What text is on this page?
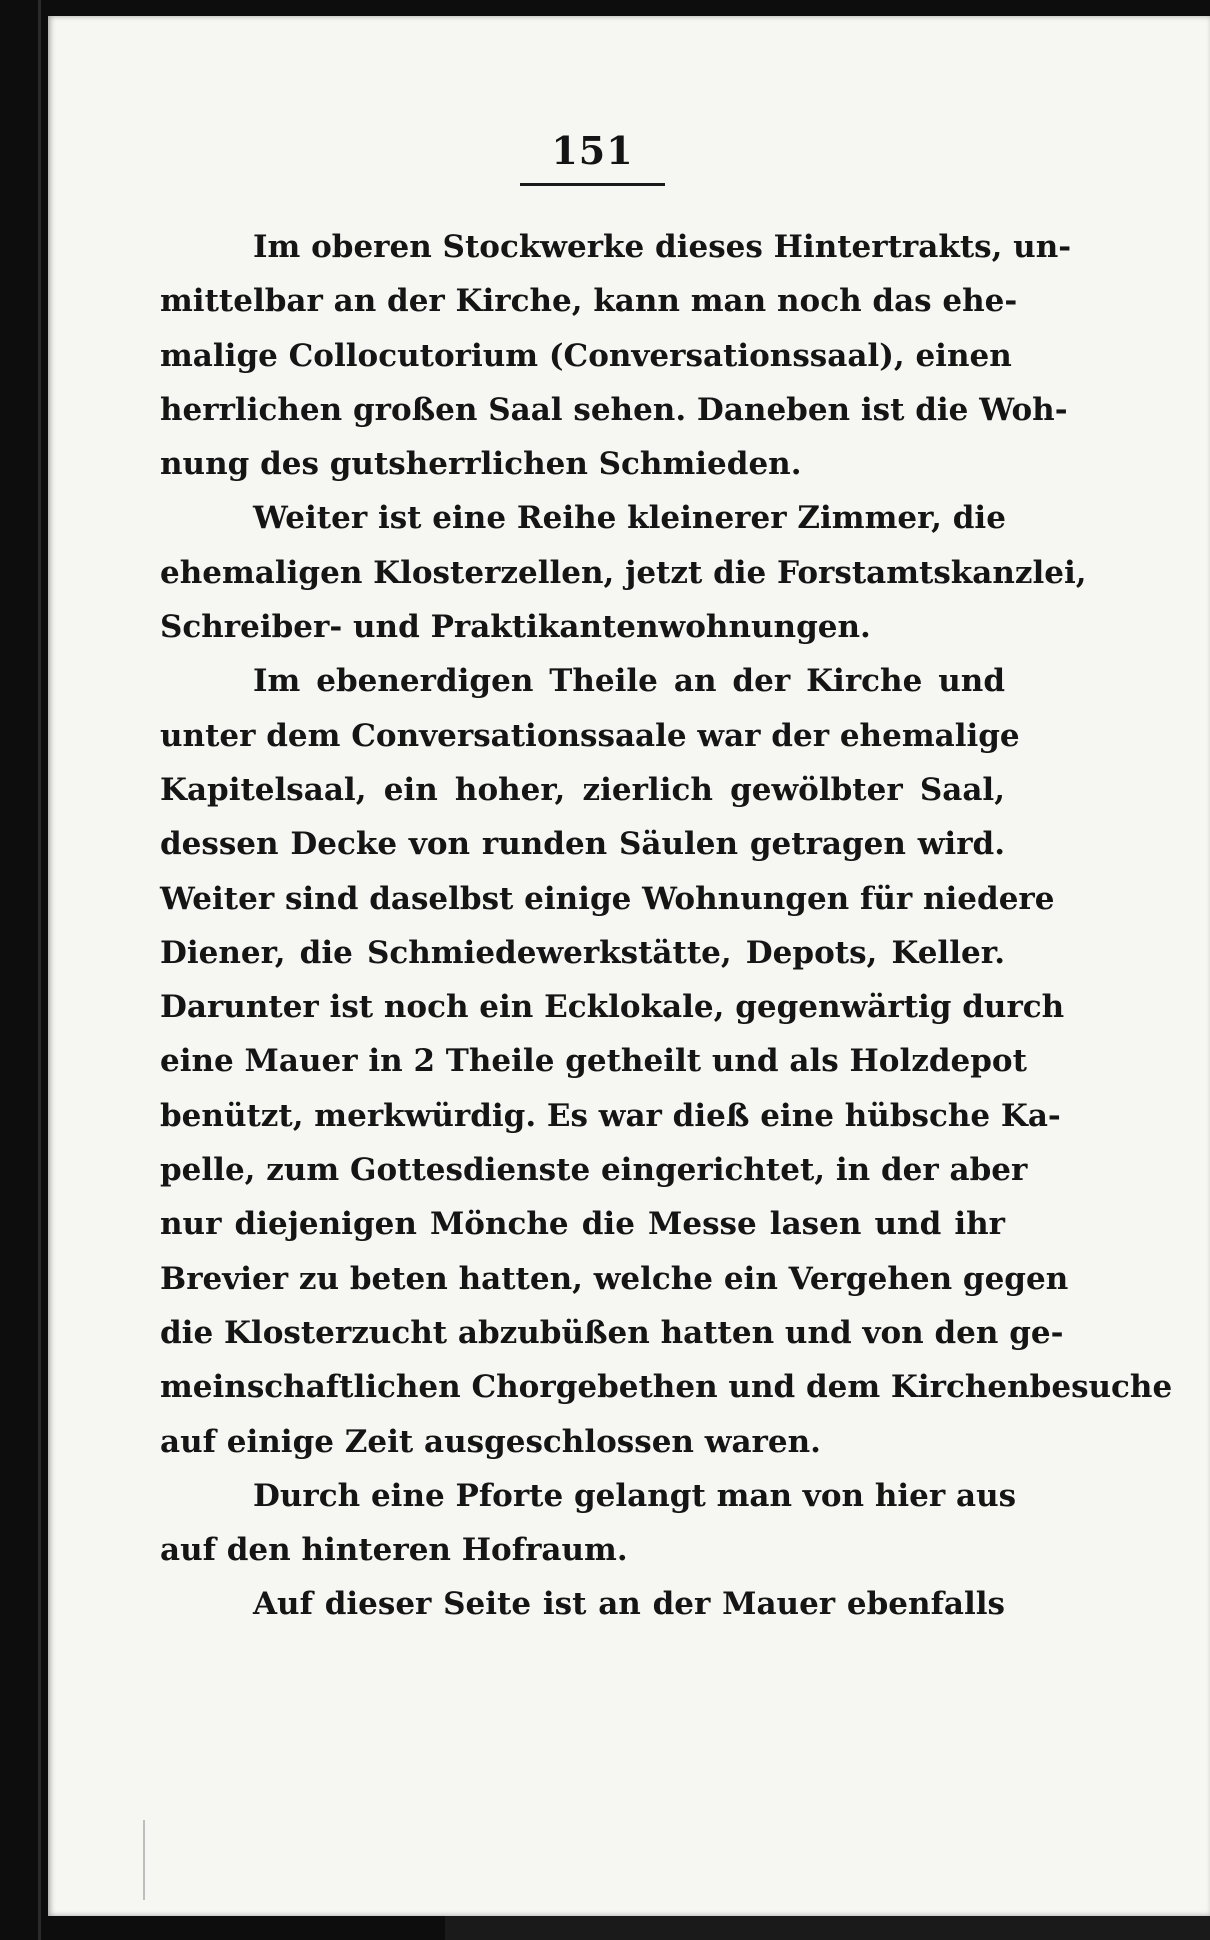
151
Im oberen Stockwerke dieses Hintertrakts, un-
mittelbar an der Kirche, kann man noch das ehe-
malige Collocutorium (Conversationssaal), einen
herrlichen großen Saal sehen. Daneben ist die Woh-
nung des gutsherrlichen Schmieden.
Weiter ist eine Reihe kleinerer Zimmer, die
ehemaligen Klosterzellen, jetzt die Forstamtskanzlei,
Schreiber- und Praktikantenwohnungen.
Im ebenerdigen Theile an der Kirche und
unter dem Conversationssaale war der ehemalige
Kapitelsaal, ein hoher, zierlich gewölbter Saal,
dessen Decke von runden Säulen getragen wird.
Weiter sind daselbst einige Wohnungen für niedere
Diener, die Schmiedewerkstätte, Depots, Keller.
Darunter ist noch ein Ecklokale, gegenwärtig durch
eine Mauer in 2 Theile getheilt und als Holzdepot
benützt, merkwürdig. Es war dieß eine hübsche Ka-
pelle, zum Gottesdienste eingerichtet, in der aber
nur diejenigen Mönche die Messe lasen und ihr
Brevier zu beten hatten, welche ein Vergehen gegen
die Klosterzucht abzubüßen hatten und von den ge-
meinschaftlichen Chorgebethen und dem Kirchenbesuche
auf einige Zeit ausgeschlossen waren.
Durch eine Pforte gelangt man von hier aus
auf den hinteren Hofraum.
Auf dieser Seite ist an der Mauer ebenfalls
